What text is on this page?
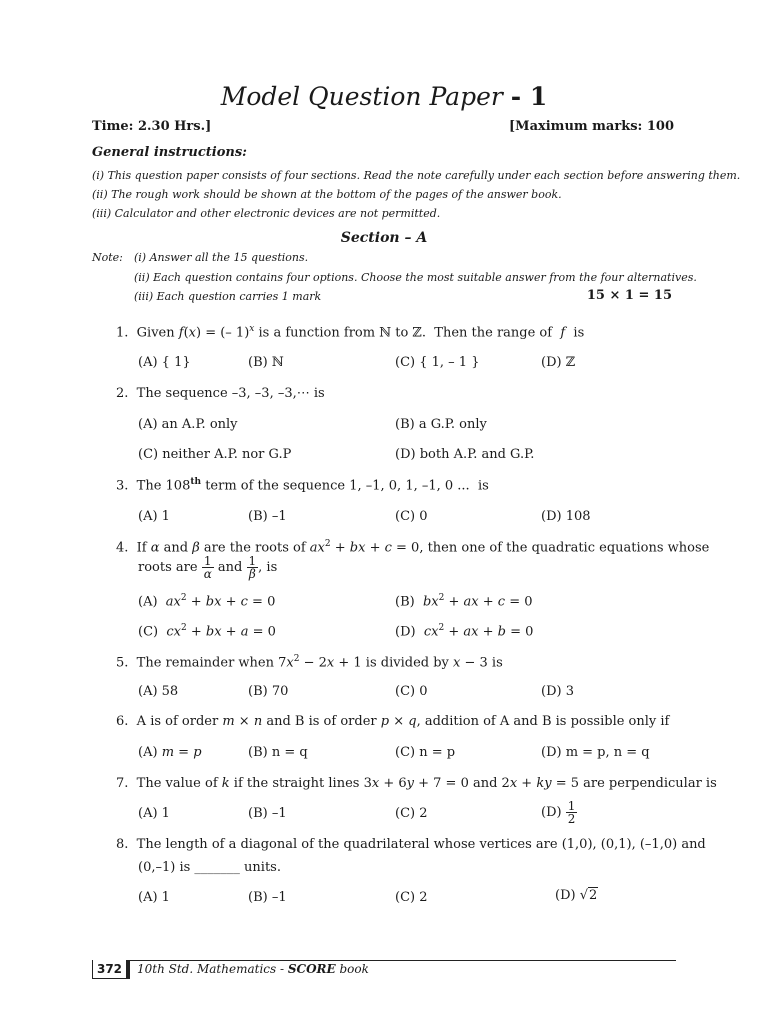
Model Question Paper - 1
Time: 2.30 Hrs.]	[Maximum marks: 100
General instructions:
(i) This question paper consists of four sections. Read the note carefully under each section before answering them.
(ii) The rough work should be shown at the bottom of the pages of the answer book.
(iii) Calculator and other electronic devices are not permitted.
Section – A
Note: (i) Answer all the 15 questions.
(ii) Each question contains four options. Choose the most suitable answer from the four alternatives.
(iii) Each question carries 1 mark	15 × 1 = 15
1.  Given f(x) = (– 1)$^x$ is a function from ℕ to ℤ.  Then the range of  f  is
(A) { 1}	(B) ℕ	(C) { 1, – 1 }	(D) ℤ
2. The sequence –3, –3, –3,⋯ is
(A) an A.P. only	(B) a G.P. only
(C) neither A.P. nor G.P	(D) both A.P. and G.P.
3.  The 108th term of the sequence 1, –1, 0, 1, –1, 0 ...  is
(A) 1	(B) –1	(C) 0	(D) 108
4.  If α and β are the roots of $ax^2$ + bx + c = 0, then one of the quadratic equations whose
roots are $\frac{1}{\alpha}$ and $\frac{1}{\beta}$ , is
(A)  $ax^2$ + bx + c = 0	(B)  $bx^2$ + ax + c = 0
(C)  $cx^2$ + bx + a = 0	(D)  $cx^2$ + ax + b = 0
5.  The remainder when $7x^2 - 2x + 1$ is divided by x − 3 is
(A) 58	(B) 70	(C) 0	(D) 3
6.  A is of order m × n and B is of order p × q, addition of A and B is possible only if
(A) m = p	(B) n = q	(C) n = p	(D) m = p, n = q
7.  The value of k if the straight lines 3x + 6y + 7 = 0 and 2x + ky = 5 are perpendicular is
(A) 1	(B) –1	(C) 2	$(D) \frac{1}{2}$
8. The length of a diagonal of the quadrilateral whose vertices are (1,0), (0,1), (–1,0) and
(0,–1) is _______ units.
(A) 1	(B) –1	(C) 2	(D) √2
372	10th Std. Mathematics - SCORE book
